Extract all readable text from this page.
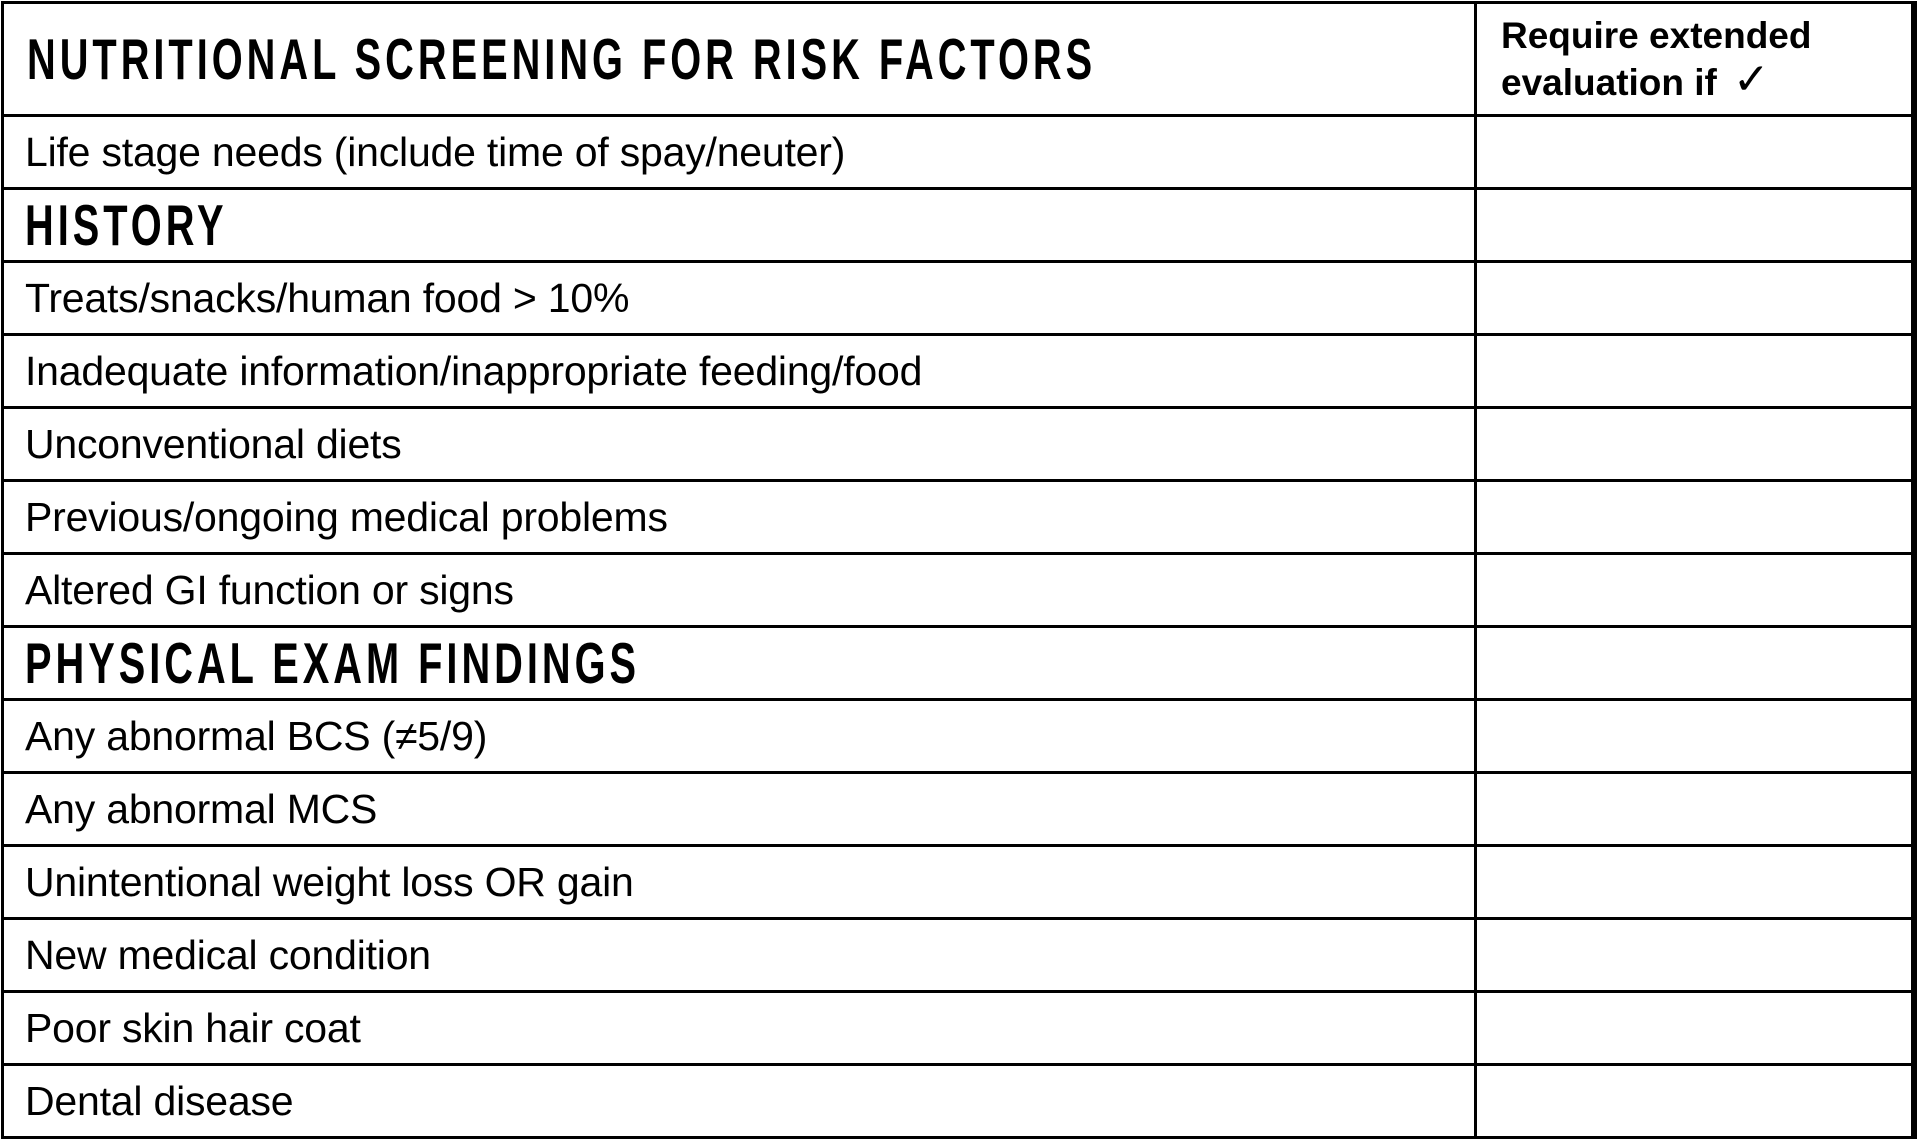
NUTRITIONAL SCREENING FOR RISK FACTORS	Require extended
evaluation if ✓
Life stage needs (include time of spay/neuter)
HISTORY
Treats/snacks/human food > 10%
Inadequate information/inappropriate feeding/food
Unconventional diets
Previous/ongoing medical problems
Altered GI function or signs
PHYSICAL EXAM FINDINGS
Any abnormal BCS (≠5/9)
Any abnormal MCS
Unintentional weight loss OR gain
New medical condition
Poor skin hair coat
Dental disease
